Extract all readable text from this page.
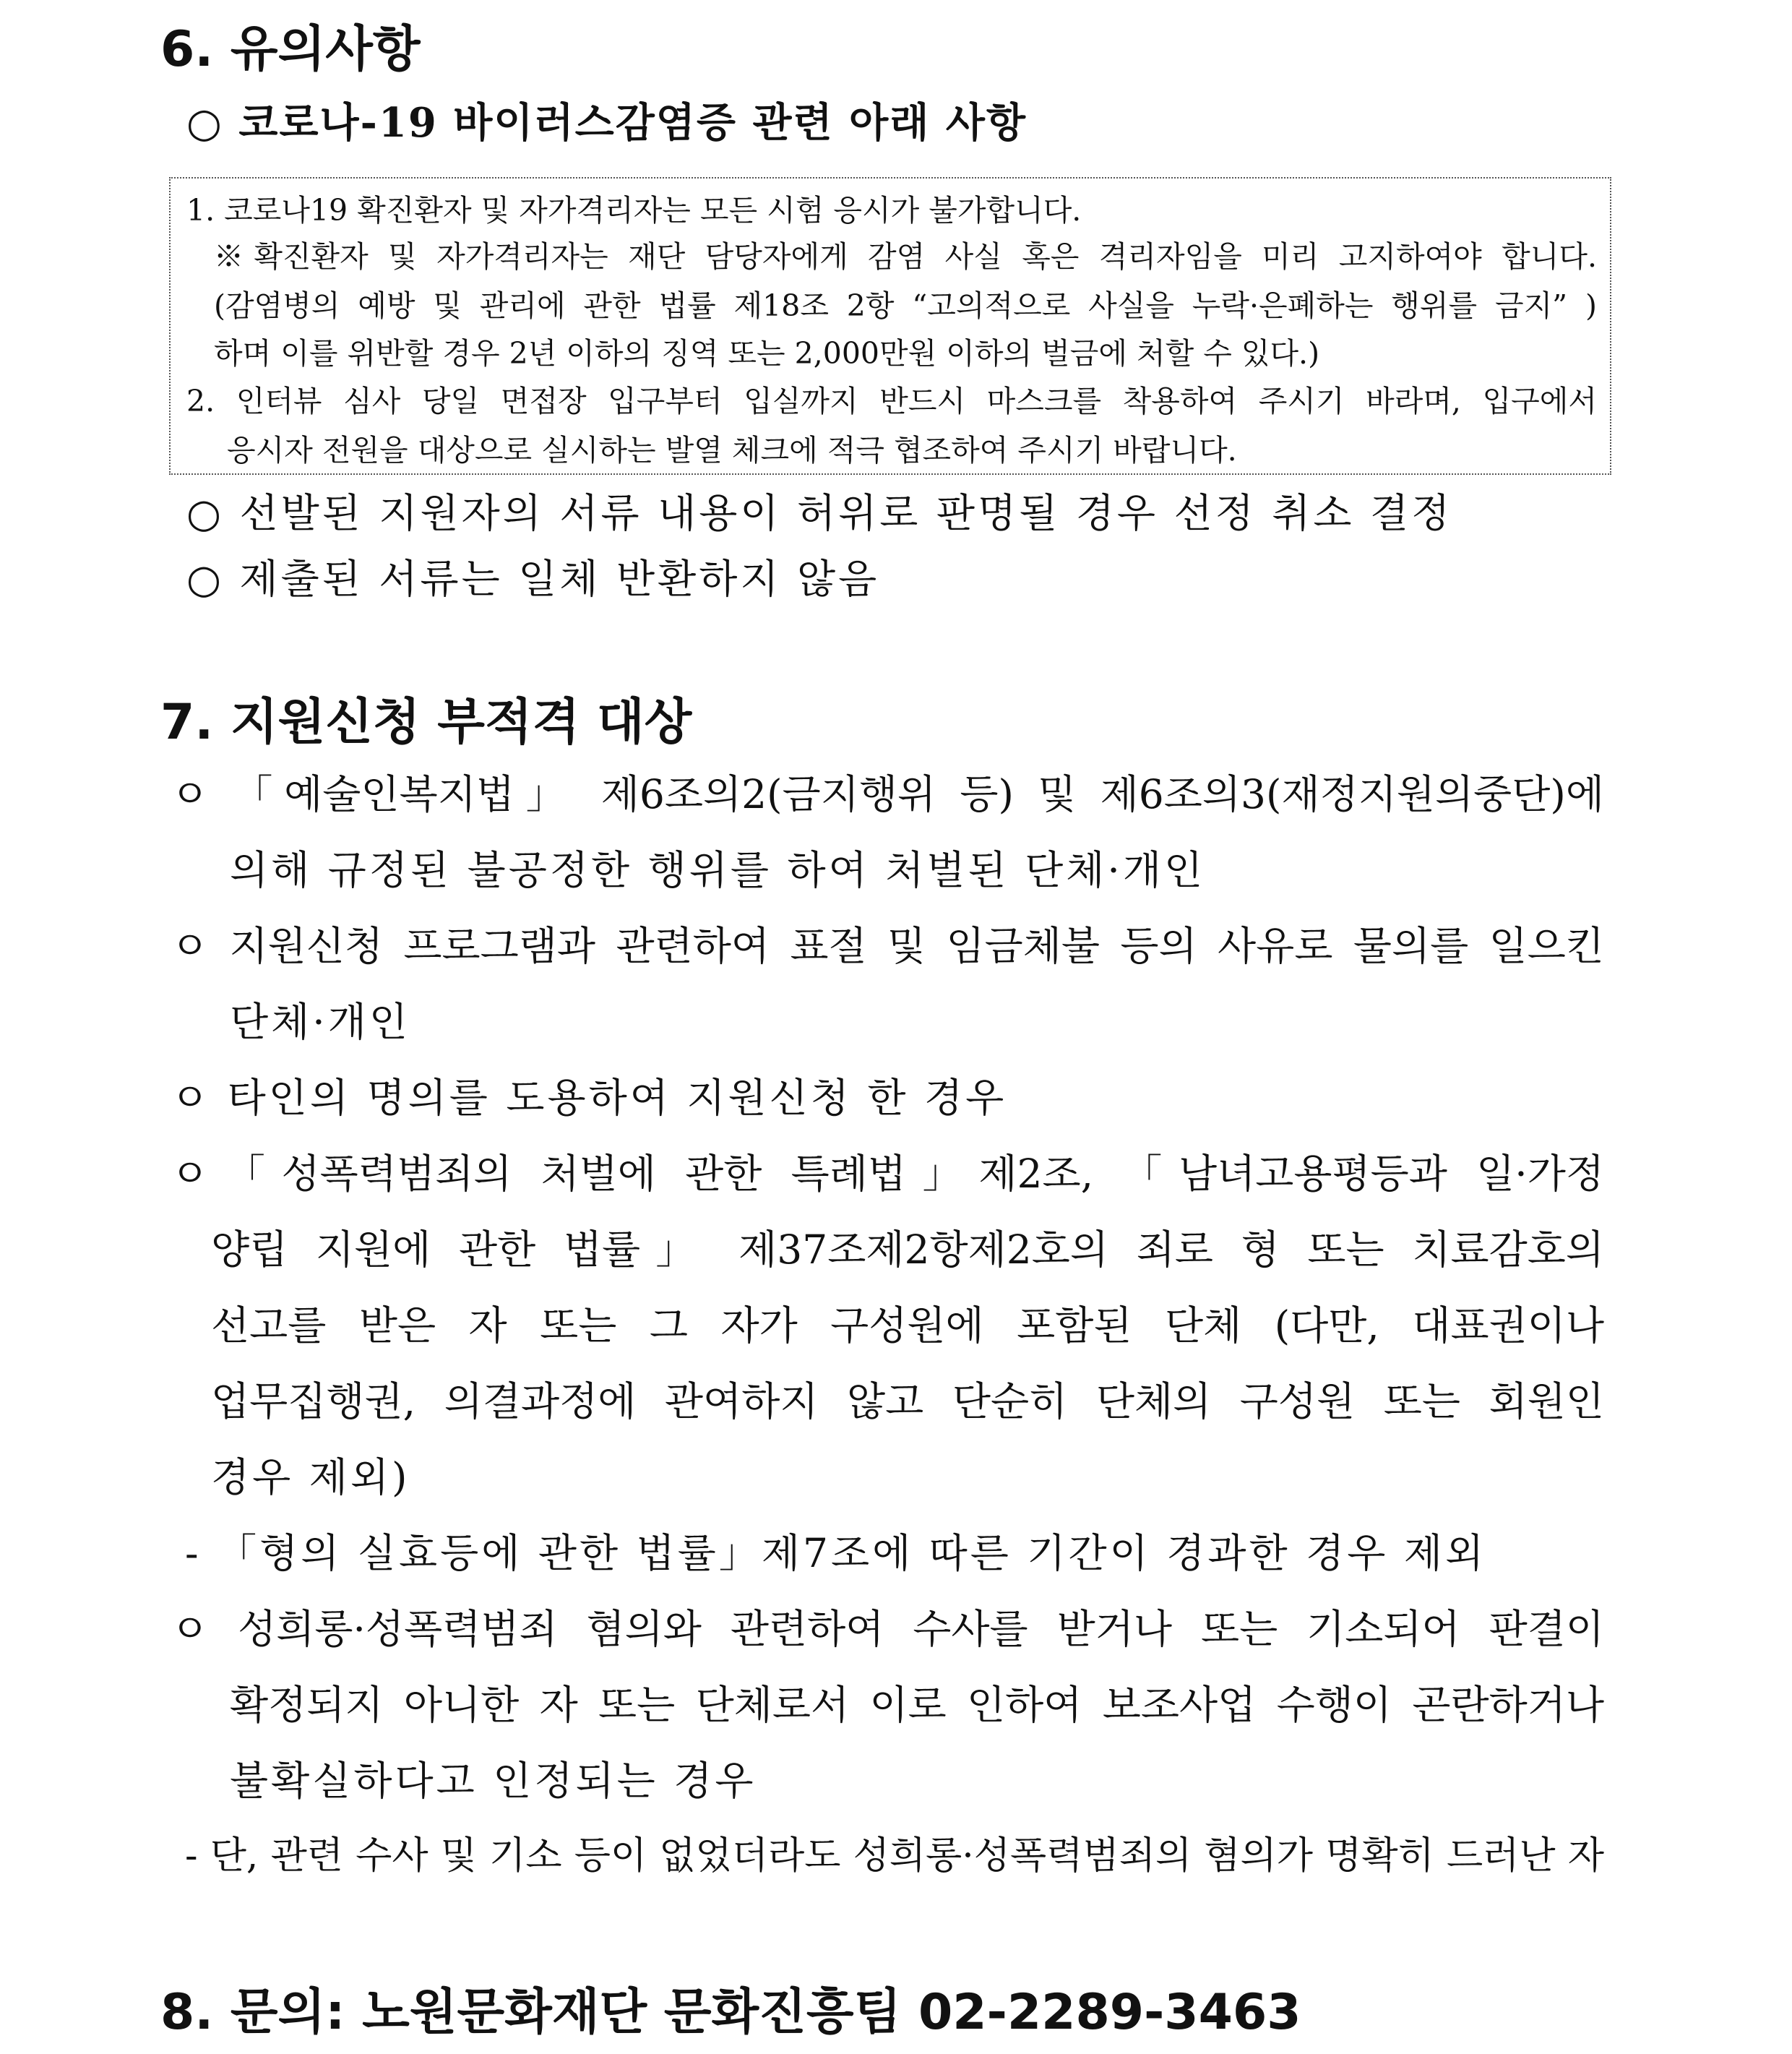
6. 유의사항
○ 코로나-19 바이러스감염증 관련 아래 사항
1. 코로나19 확진환자 및 자가격리자는 모든 시험 응시가 불가합니다.
※확진환자 및 자가격리자는 재단 담당자에게 감염 사실 혹은 격리자임을 미리 고지하여야 합니다.
(감염병의 예방 및 관리에 관한 법률 제18조 2항 “고의적으로 사실을 누락·은폐하는 행위를 금지” )
하며 이를 위반할 경우 2년 이하의 징역 또는 2,000만원 이하의 벌금에 처할 수 있다.)
2. 인터뷰 심사 당일 면접장 입구부터 입실까지 반드시 마스크를 착용하여 주시기 바라며, 입구에서
응시자 전원을 대상으로 실시하는 발열 체크에 적극 협조하여 주시기 바랍니다.
○ 선발된 지원자의 서류 내용이 허위로 판명될 경우 선정 취소 결정
○ 제출된 서류는 일체 반환하지 않음
7. 지원신청 부적격 대상
ㅇ 「예술인복지법」 제6조의2(금지행위 등) 및 제6조의3(재정지원의중단)에
의해 규정된 불공정한 행위를 하여 처벌된 단체·개인
ㅇ 지원신청 프로그램과 관련하여 표절 및 임금체불 등의 사유로 물의를 일으킨
단체·개인
ㅇ 타인의 명의를 도용하여 지원신청 한 경우
ㅇ「성폭력범죄의 처벌에 관한 특례법」제2조, 「남녀고용평등과 일·가정
양립 지원에 관한 법률」 제37조제2항제2호의 죄로 형 또는 치료감호의
선고를 받은 자 또는 그 자가 구성원에 포함된 단체 (다만, 대표권이나
업무집행권, 의결과정에 관여하지 않고 단순히 단체의 구성원 또는 회원인
경우 제외)
- 「형의 실효등에 관한 법률」제7조에 따른 기간이 경과한 경우 제외
ㅇ 성희롱·성폭력범죄 혐의와 관련하여 수사를 받거나 또는 기소되어 판결이
확정되지 아니한 자 또는 단체로서 이로 인하여 보조사업 수행이 곤란하거나
불확실하다고 인정되는 경우
- 단, 관련 수사 및 기소 등이 없었더라도 성희롱·성폭력범죄의 혐의가 명확히 드러난 자
8. 문의: 노원문화재단 문화진흥팀 02-2289-3463
